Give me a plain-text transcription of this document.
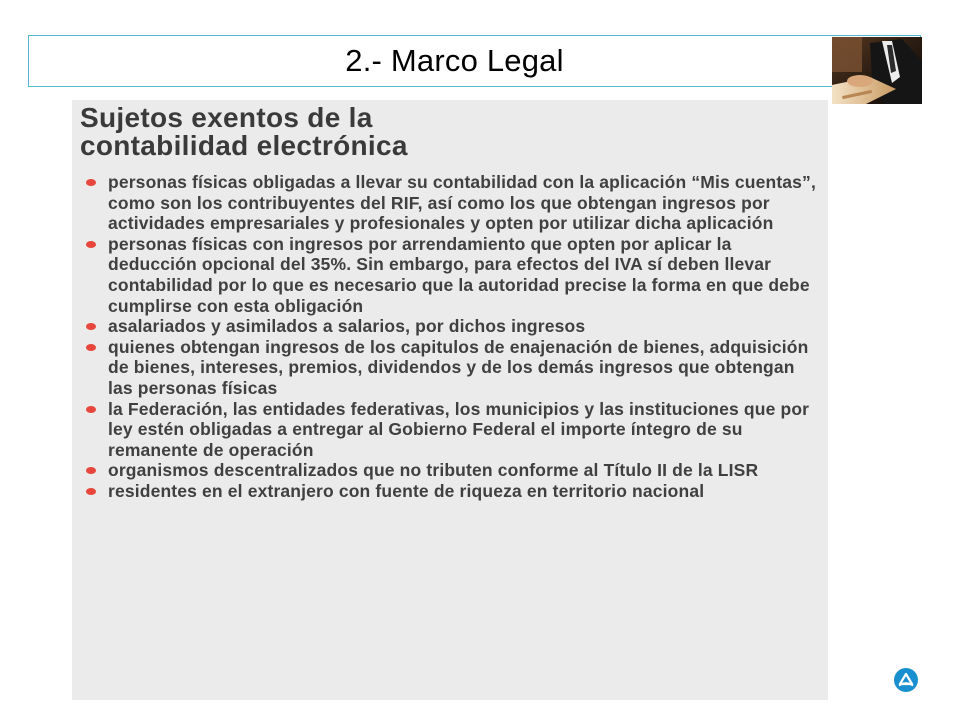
2.- Marco Legal
Sujetos exentos de la
contabilidad electrónica
personas físicas obligadas a llevar su contabilidad con la aplicación “Mis cuentas”, como son los contribuyentes del RIF, así como los que obtengan ingresos por actividades empresariales y profesionales y opten por utilizar dicha aplicación
personas físicas con ingresos por arrendamiento que opten por aplicar la deducción opcional del 35%. Sin embargo, para efectos del IVA sí deben llevar contabilidad por lo que es necesario que la autoridad precise la forma en que debe cumplirse con esta obligación
asalariados y asimilados a salarios, por dichos ingresos
quienes obtengan ingresos de los capitulos de enajenación de bienes, adquisición de bienes, intereses, premios, dividendos y de los demás ingresos que obtengan las personas físicas
la Federación, las entidades federativas, los municipios y las instituciones que por ley estén obligadas a entregar al Gobierno Federal el importe íntegro de su remanente de operación
organismos descentralizados que no tributen conforme al Título II de la LISR
residentes en el extranjero con fuente de riqueza en territorio nacional
